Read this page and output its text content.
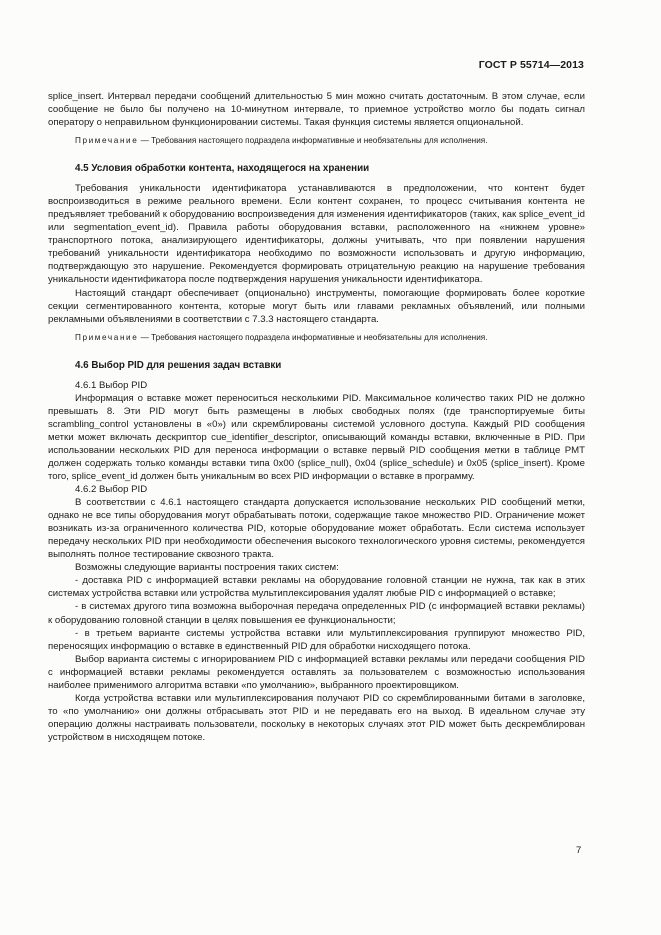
ГОСТ Р 55714—2013

splice_insert. Интервал передачи сообщений длительностью 5 мин можно считать достаточным. В этом случае, если сообщение не было бы получено на 10-минутном интервале, то приемное устройство могло бы подать сигнал оператору о неправильном функционировании системы. Такая функция системы является опциональной.

Примечание — Требования настоящего подраздела информативные и необязательны для исполнения.

4.5 Условия обработки контента, находящегося на хранении

Требования уникальности идентификатора устанавливаются в предположении, что контент будет воспроизводиться в режиме реального времени. Если контент сохранен, то процесс считывания контента не предъявляет требований к оборудованию воспроизведения для изменения идентификаторов (таких, как splice_event_id или segmentation_event_id). Правила работы оборудования вставки, расположенного на «нижнем уровне» транспортного потока, анализирующего идентификаторы, должны учитывать, что при появлении нарушения требований уникальности идентификатора необходимо по возможности использовать и другую информацию, подтверждающую это нарушение. Рекомендуется формировать отрицательную реакцию на нарушение требования уникальности идентификатора после подтверждения нарушения уникальности идентификатора.

Настоящий стандарт обеспечивает (опционально) инструменты, помогающие формировать более короткие секции сегментированного контента, которые могут быть или главами рекламных объявлений, или полными рекламными объявлениями в соответствии с 7.3.3 настоящего стандарта.

Примечание — Требования настоящего подраздела информативные и необязательны для исполнения.

4.6 Выбор PID для решения задач вставки

4.6.1 Выбор PID

Информация о вставке может переноситься несколькими PID. Максимальное количество таких PID не должно превышать 8. Эти PID могут быть размещены в любых свободных полях (где транспортируемые биты scrambling_control установлены в «0») или скремблированы системой условного доступа. Каждый PID сообщения метки может включать дескриптор cue_identifier_descriptor, описывающий команды вставки, включенные в PID. При использовании нескольких PID для переноса информации о вставке первый PID сообщения метки в таблице PMT должен содержать только команды вставки типа 0x00 (splice_null), 0x04 (splice_schedule) и 0x05 (splice_insert). Кроме того, splice_event_id должен быть уникальным во всех PID информации о вставке в программу.

4.6.2 Выбор PID

В соответствии с 4.6.1 настоящего стандарта допускается использование нескольких PID сообщений метки, однако не все типы оборудования могут обрабатывать потоки, содержащие такое множество PID. Ограничение может возникать из-за ограниченного количества PID, которые оборудование может обработать. Если система использует передачу нескольких PID при необходимости обеспечения высокого технологического уровня системы, рекомендуется выполнять полное тестирование сквозного тракта.

Возможны следующие варианты построения таких систем:

- доставка PID с информацией вставки рекламы на оборудование головной станции не нужна, так как в этих системах устройства вставки или устройства мультиплексирования удалят любые PID с информацией о вставке;

- в системах другого типа возможна выборочная передача определенных PID (с информацией вставки рекламы) к оборудованию головной станции в целях повышения ее функциональности;

- в третьем варианте системы устройства вставки или мультиплексирования группируют множество PID, переносящих информацию о вставке в единственный PID для обработки нисходящего потока.

Выбор варианта системы с игнорированием PID с информацией вставки рекламы или передачи сообщения PID с информацией вставки рекламы рекомендуется оставлять за пользователем с возможностью использования наиболее применимого алгоритма вставки «по умолчанию», выбранного проектировщиком.

Когда устройства вставки или мультиплексирования получают PID со скремблированными битами в заголовке, то «по умолчанию» они должны отбрасывать этот PID и не передавать его на выход. В идеальном случае эту операцию должны настраивать пользователи, поскольку в некоторых случаях этот PID может быть дескремблирован устройством в нисходящем потоке.

7
